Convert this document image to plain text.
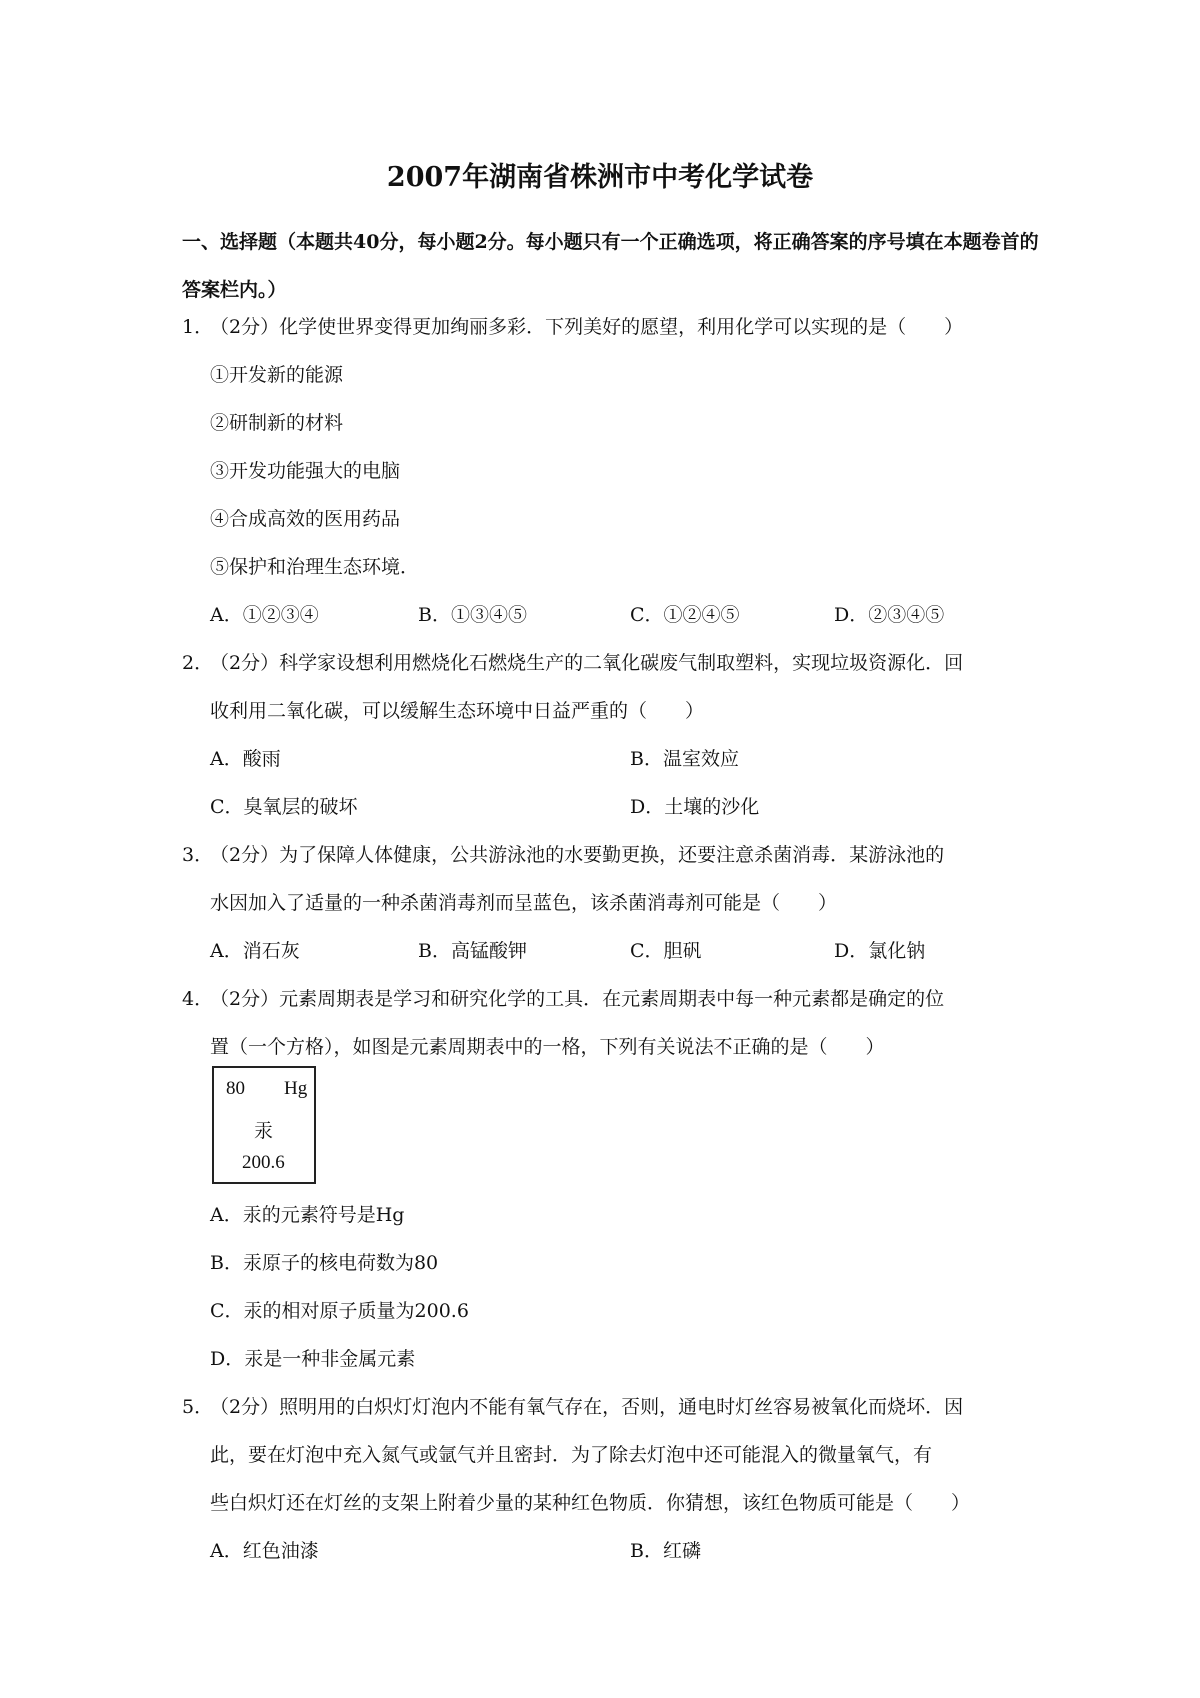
2007年湖南省株洲市中考化学试卷
一、选择题（本题共40分，每小题2分。每小题只有一个正确选项，将正确答案的序号填在本题卷首的答案栏内。）
1．
（2分）化学使世界变得更加绚丽多彩．下列美好的愿望，利用化学可以实现的是（　　）
①开发新的能源
②研制新的材料
③开发功能强大的电脑
④合成高效的医用药品
⑤保护和治理生态环境．
A．①②③④	B．①③④⑤	C．①②④⑤	D．②③④⑤
2．
（2分）科学家设想利用燃烧化石燃烧生产的二氧化碳废气制取塑料，实现垃圾资源化．回
收利用二氧化碳，可以缓解生态环境中日益严重的（　　）
A．酸雨	B．温室效应
C．臭氧层的破坏	D．土壤的沙化
3．
（2分）为了保障人体健康，公共游泳池的水要勤更换，还要注意杀菌消毒．某游泳池的
水因加入了适量的一种杀菌消毒剂而呈蓝色，该杀菌消毒剂可能是（　　）
A．消石灰	B．高锰酸钾	C．胆矾	D．氯化钠
4．
（2分）元素周期表是学习和研究化学的工具．在元素周期表中每一种元素都是确定的位
置（一个方格），如图是元素周期表中的一格，下列有关说法不正确的是（　　）
80 Hg
汞
200.6
A．汞的元素符号是Hg
B．汞原子的核电荷数为80
C．汞的相对原子质量为200.6
D．汞是一种非金属元素
5．
（2分）照明用的白炽灯灯泡内不能有氧气存在，否则，通电时灯丝容易被氧化而烧坏．因
此，要在灯泡中充入氮气或氩气并且密封．为了除去灯泡中还可能混入的微量氧气，有
些白炽灯还在灯丝的支架上附着少量的某种红色物质．你猜想，该红色物质可能是（　　）
A．红色油漆	B．红磷
